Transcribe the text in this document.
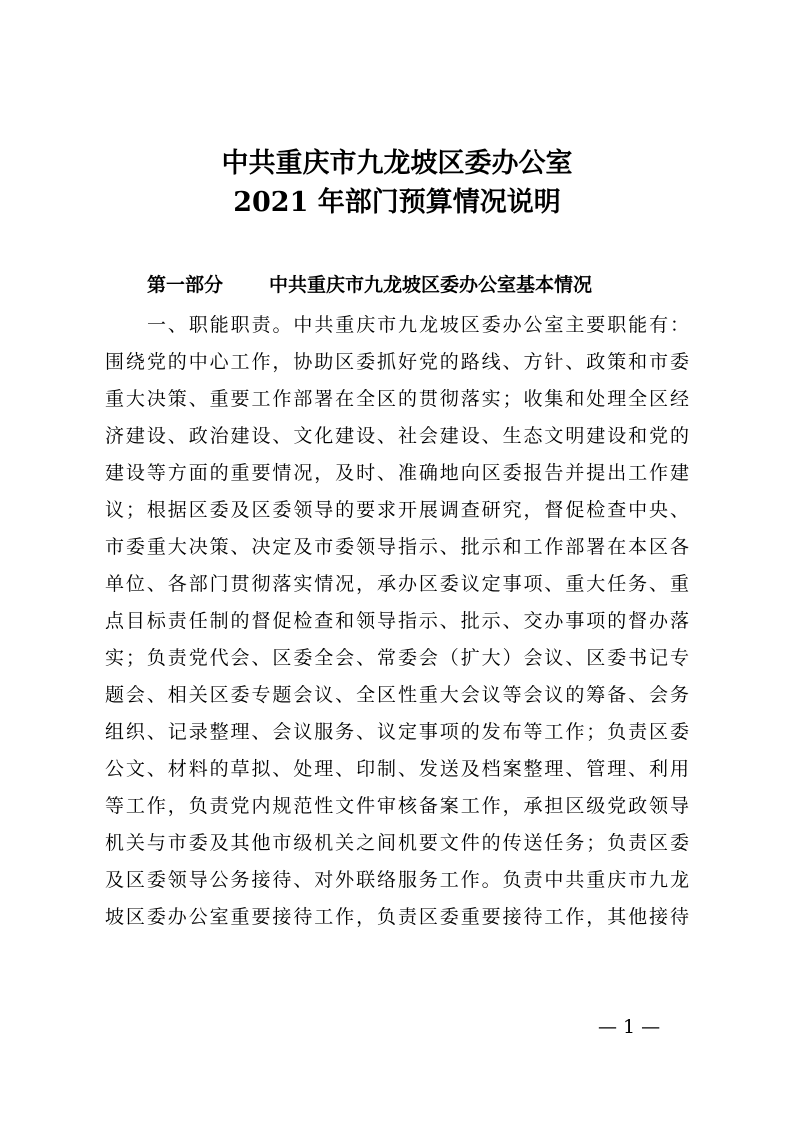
中共重庆市九龙坡区委办公室
2021 年部门预算情况说明
第一部分 中共重庆市九龙坡区委办公室基本情况
一、职能职责。中共重庆市九龙坡区委办公室主要职能有：
围绕党的中心工作，协助区委抓好党的路线、方针、政策和市委
重大决策、重要工作部署在全区的贯彻落实；收集和处理全区经
济建设、政治建设、文化建设、社会建设、生态文明建设和党的
建设等方面的重要情况，及时、准确地向区委报告并提出工作建
议；根据区委及区委领导的要求开展调查研究，督促检查中央、
市委重大决策、决定及市委领导指示、批示和工作部署在本区各
单位、各部门贯彻落实情况，承办区委议定事项、重大任务、重
点目标责任制的督促检查和领导指示、批示、交办事项的督办落
实；负责党代会、区委全会、常委会（扩大）会议、区委书记专
题会、相关区委专题会议、全区性重大会议等会议的筹备、会务
组织、记录整理、会议服务、议定事项的发布等工作；负责区委
公文、材料的草拟、处理、印制、发送及档案整理、管理、利用
等工作，负责党内规范性文件审核备案工作，承担区级党政领导
机关与市委及其他市级机关之间机要文件的传送任务；负责区委
及区委领导公务接待、对外联络服务工作。负责中共重庆市九龙
坡区委办公室重要接待工作，负责区委重要接待工作，其他接待
— 1 —
